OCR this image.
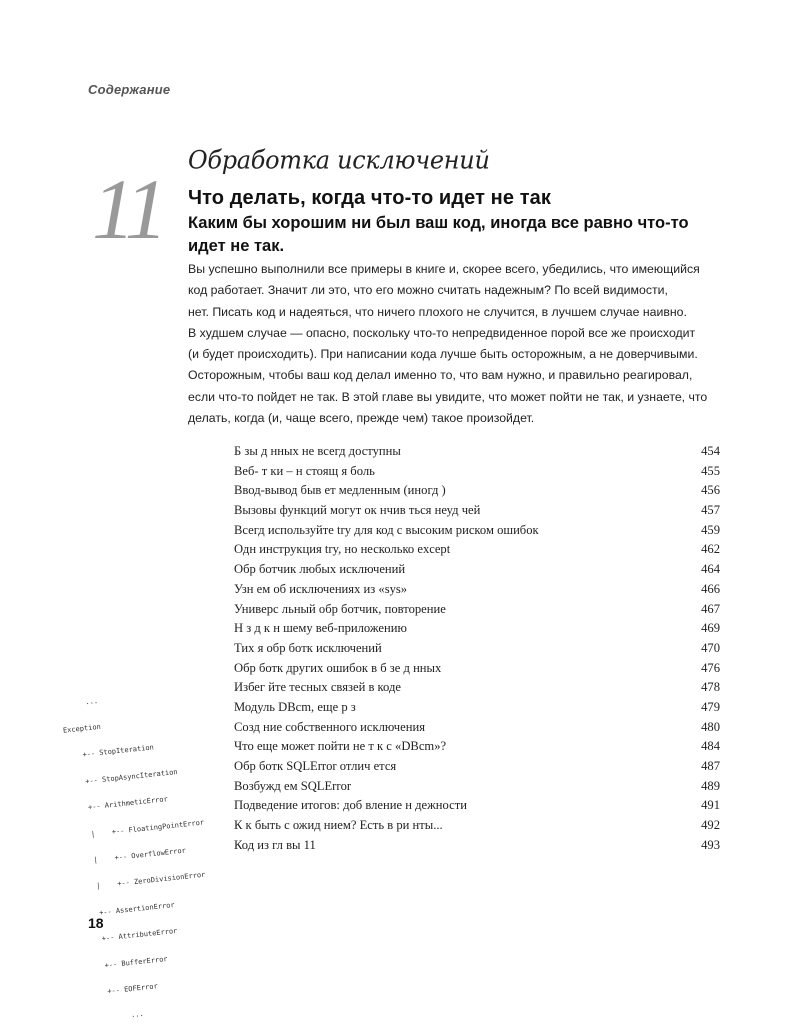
Содержание
11
Обработка исключений
Что делать, когда что-то идет не так
Каким бы хорошим ни был ваш код, иногда все равно что-то
идет не так.
Вы успешно выполнили все примеры в книге и, скорее всего, убедились, что имеющийся
код работает. Значит ли это, что его можно считать надежным? По всей видимости,
нет. Писать код и надеяться, что ничего плохого не случится, в лучшем случае наивно.
В худшем случае — опасно, поскольку что-то непредвиденное порой все же происходит
(и будет происходить). При написании кода лучше быть осторожным, а не доверчивыми.
Осторожным, чтобы ваш код делал именно то, что вам нужно, и правильно реагировал,
если что-то пойдет не так. В этой главе вы увидите, что может пойти не так, и узнаете, что
делать, когда (и, чаще всего, прежде чем) такое произойдет.
Б зы д нных не всегд доступны	454
Веб- т ки – н стоящ я боль	455
Ввод-вывод быв ет медленным (иногд )	456
Вызовы функций могут ок нчив ться неуд чей	457
Всегд используйте try для код с высоким риском ошибок	459
Одн инструкция try, но несколько except	462
Обр ботчик любых исключений	464
Узн ем об исключениях из «sys»	466
Универс льный обр ботчик, повторение	467
Н з д к н шему веб-приложению	469
Тих я обр ботк исключений	470
Обр ботк других ошибок в б зе д нных	476
Избег йте тесных связей в коде	478
Модуль DBcm, еще р з	479
Созд ние собственного исключения	480
Что еще может пойти не т к с «DBcm»?	484
Обр ботк SQLError отлич ется	487
Возбужд ем SQLError	489
Подведение итогов: доб вление н дежности	491
К к быть с ожид нием? Есть в ри нты...	492
Код из гл вы 11	493

...

Exception

+-- StopIteration

+-- StopAsyncIteration

+-- ArithmeticError

|    +-- FloatingPointError

|    +-- OverflowError

|    +-- ZeroDivisionError

+-- AssertionError

+-- AttributeError

+-- BufferError

+-- EOFError

...

18
